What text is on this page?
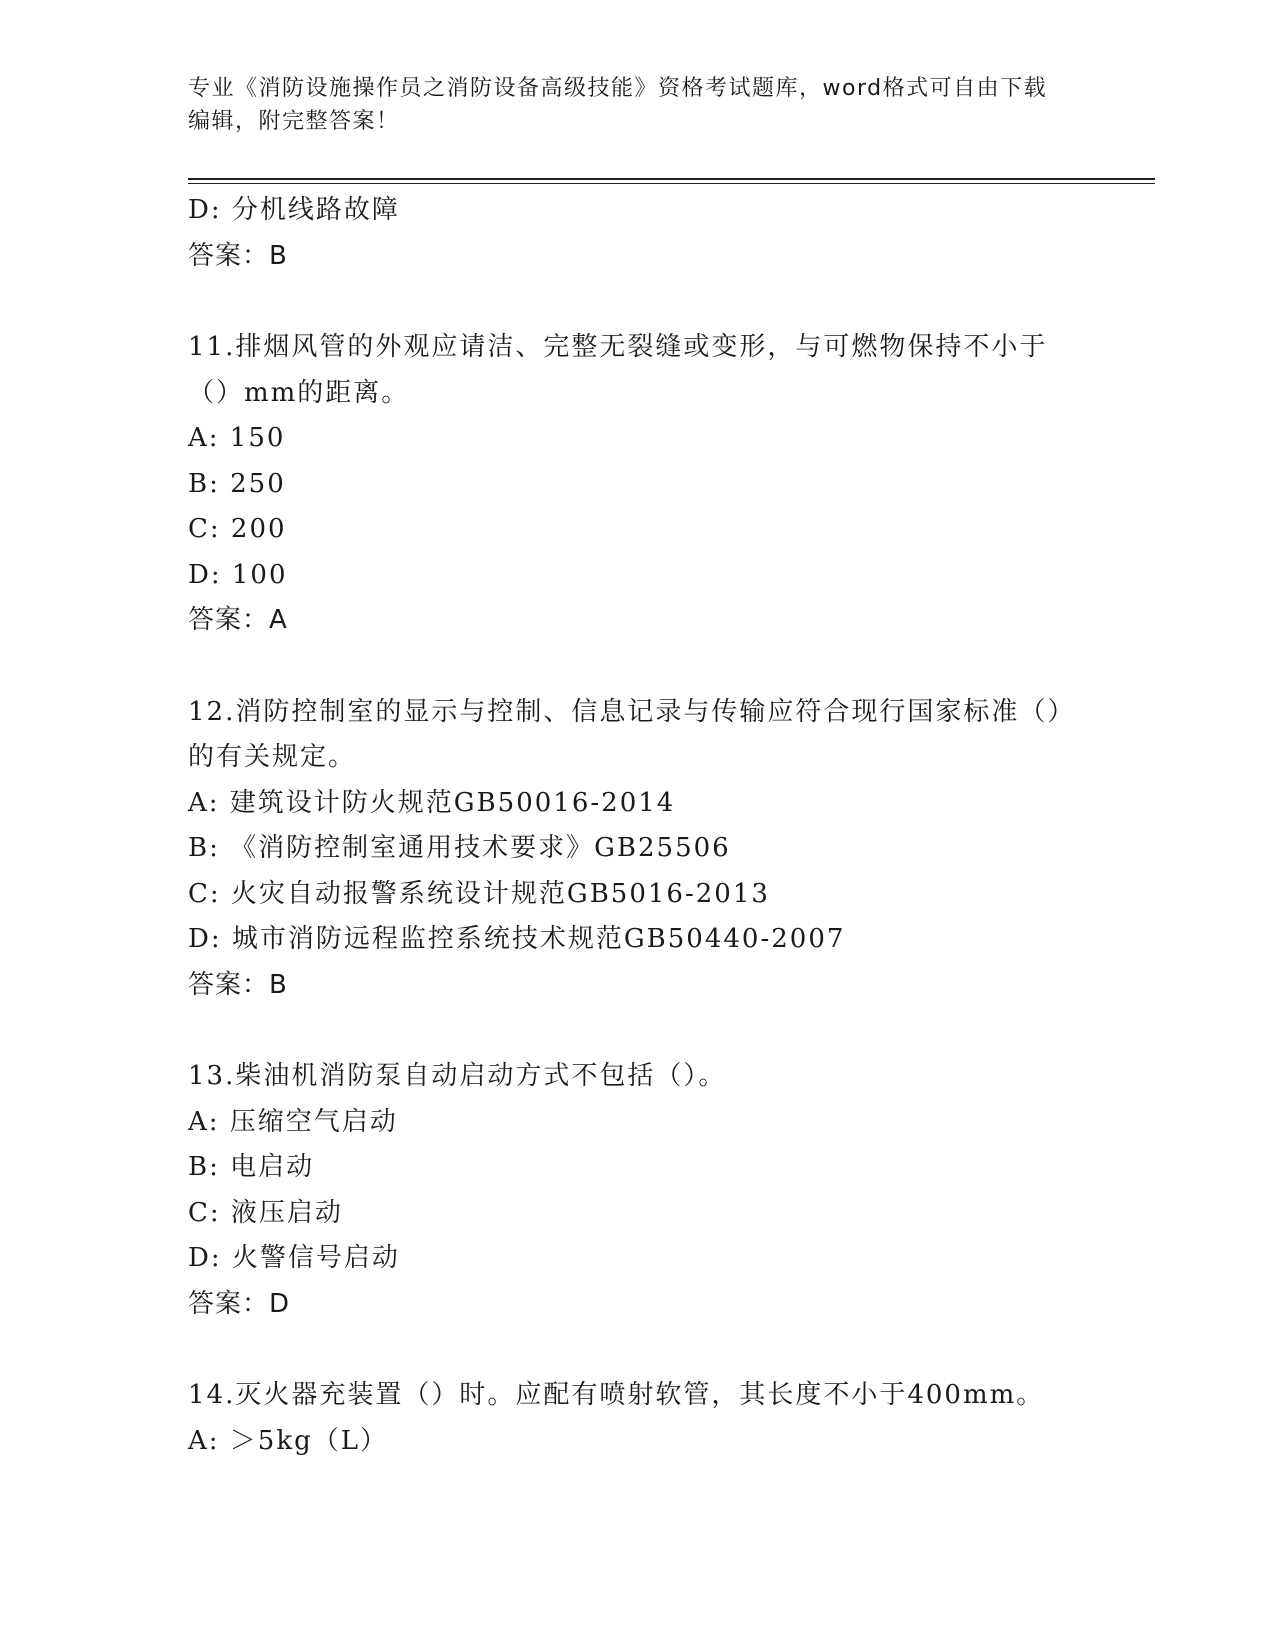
专业《消防设施操作员之消防设备高级技能》资格考试题库，word格式可自由下载编辑，附完整答案！
D: 分机线路故障
答案：B
11.排烟风管的外观应请洁、完整无裂缝或变形，与可燃物保持不小于（）mm的距离。
A: 150
B: 250
C: 200
D: 100
答案：A
12.消防控制室的显示与控制、信息记录与传输应符合现行国家标准（）的有关规定。
A: 建筑设计防火规范GB50016-2014
B: 《消防控制室通用技术要求》GB25506
C: 火灾自动报警系统设计规范GB5016-2013
D: 城市消防远程监控系统技术规范GB50440-2007
答案：B
13.柴油机消防泵自动启动方式不包括（）。
A: 压缩空气启动
B: 电启动
C: 液压启动
D: 火警信号启动
答案：D
14.灭火器充装置（）时。应配有喷射软管，其长度不小于400mm。
A: ＞5kg（L）
